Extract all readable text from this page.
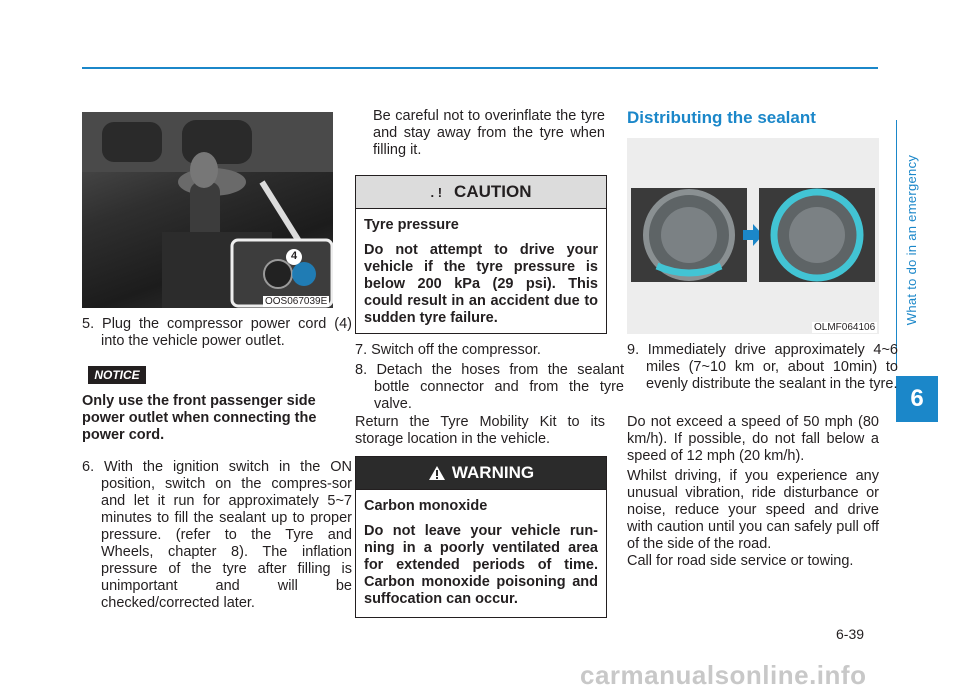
What to do in an emergency
6
4
OOS067039E

5. Plug the compressor power cord (4) into the vehicle power outlet.

NOTICE

Only use the front passenger side power outlet when connecting the power cord.

6. With the ignition switch in the ON position, switch on the compres-sor and let it run for approximately 5~7 minutes to fill the sealant up to proper pressure. (refer to the Tyre and Wheels, chapter 8). The inflation pressure of the tyre after filling is unimportant and will be checked/corrected later.

Be careful not to overinflate the tyre and stay away from the tyre when filling it.

. ! CAUTION

Tyre pressure

Do not attempt to drive your vehicle if the tyre pressure is below 200 kPa (29 psi). This could result in an accident due to sudden tyre failure.

7. Switch off the compressor.

8. Detach the hoses from the sealant bottle connector and from the tyre valve.

Return the Tyre Mobility Kit to its storage location in the vehicle.

WARNING

Carbon monoxide

Do not leave your vehicle run-ning in a poorly ventilated area for extended periods of time. Carbon monoxide poisoning and suffocation can occur.

Distributing the sealant
OLMF064106

9. Immediately drive approximately 4~6 miles (7~10 km or, about 10min) to evenly distribute the sealant in the tyre.

Do not exceed a speed of 50 mph (80 km/h). If possible, do not fall below a speed of 12 mph (20 km/h).

Whilst driving, if you experience any unusual vibration, ride disturbance or noise, reduce your speed and drive with caution until you can safely pull off of the side of the road.

Call for road side service or towing.

6-39
carmanualsonline.info
